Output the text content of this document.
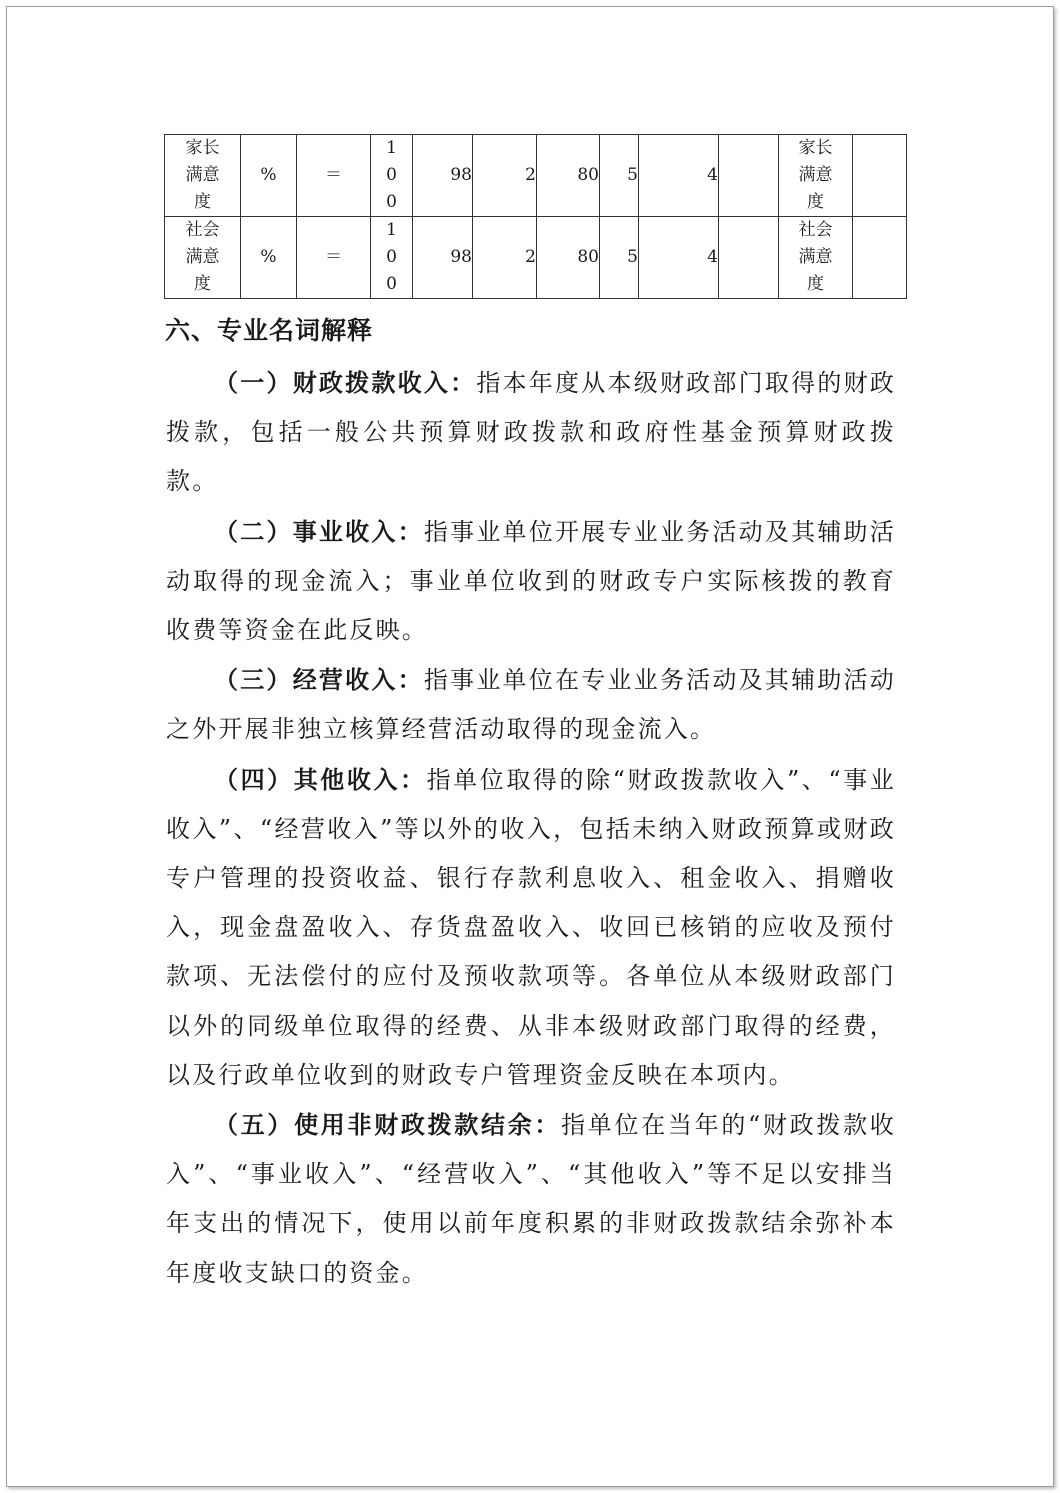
家长满意度	%	＝	100	98	2	80	5	4		家长满意度	
社会满意度	%	＝	100	98	2	80	5	4		社会满意度	
六、专业名词解释

（一）财政拨款收入：指本年度从本级财政部门取得的财政拨款，包括一般公共预算财政拨款和政府性基金预算财政拨款。

（二）事业收入：指事业单位开展专业业务活动及其辅助活动取得的现金流入；事业单位收到的财政专户实际核拨的教育收费等资金在此反映。

（三）经营收入：指事业单位在专业业务活动及其辅助活动之外开展非独立核算经营活动取得的现金流入。

（四）其他收入：指单位取得的除“财政拨款收入”、“事业收入”、“经营收入”等以外的收入，包括未纳入财政预算或财政专户管理的投资收益、银行存款利息收入、租金收入、捐赠收入，现金盘盈收入、存货盘盈收入、收回已核销的应收及预付款项、无法偿付的应付及预收款项等。各单位从本级财政部门以外的同级单位取得的经费、从非本级财政部门取得的经费，以及行政单位收到的财政专户管理资金反映在本项内。

（五）使用非财政拨款结余：指单位在当年的“财政拨款收入”、“事业收入”、“经营收入”、“其他收入”等不足以安排当年支出的情况下，使用以前年度积累的非财政拨款结余弥补本年度收支缺口的资金。
